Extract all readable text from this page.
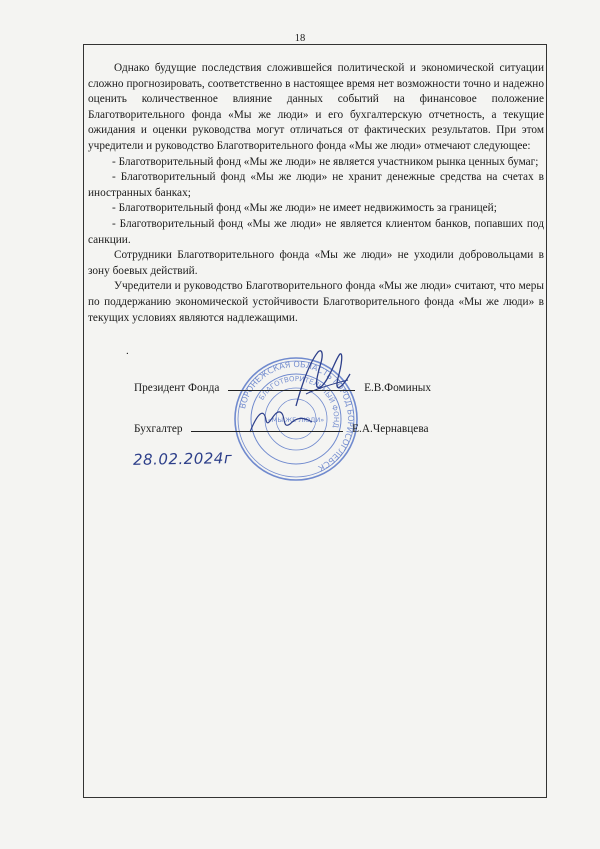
18

Однако будущие последствия сложившейся политической и экономической ситуации сложно прогнозировать, соответственно в настоящее время нет возможности точно и надежно оценить количественное влияние данных событий на финансовое положение Благотворительного фонда «Мы же люди» и его бухгалтерскую отчетность, а текущие ожидания и оценки руководства могут отличаться от фактических результатов. При этом учредители и руководство Благотворительного фонда «Мы же люди» отмечают следующее:

- Благотворительный фонд «Мы же люди» не является участником рынка ценных бумаг;

- Благотворительный фонд «Мы же люди» не хранит денежные средства на счетах в иностранных банках;

- Благотворительный фонд «Мы же люди» не имеет недвижимость за границей;

- Благотворительный фонд «Мы же люди» не является клиентом банков, попавших под санкции.

Сотрудники Благотворительного фонда «Мы же люди» не уходили добровольцами в зону боевых действий.

Учредители и руководство Благотворительного фонда «Мы же люди» считают, что меры по поддержанию экономической устойчивости Благотворительного фонда «Мы же люди» в текущих условиях являются надлежащими.

.
ВОРОНЕЖСКАЯ ОБЛАСТЬ ГОРОД БОРИСОГЛЕБСК
БЛАГОТВОРИТЕЛЬНЫЙ ФОНД
«МЫ ЖЕ ЛЮДИ»
Президент Фонда	Е.В.Фоминых
Бухгалтер	Е.А.Чернавцева
28.02.2024г
